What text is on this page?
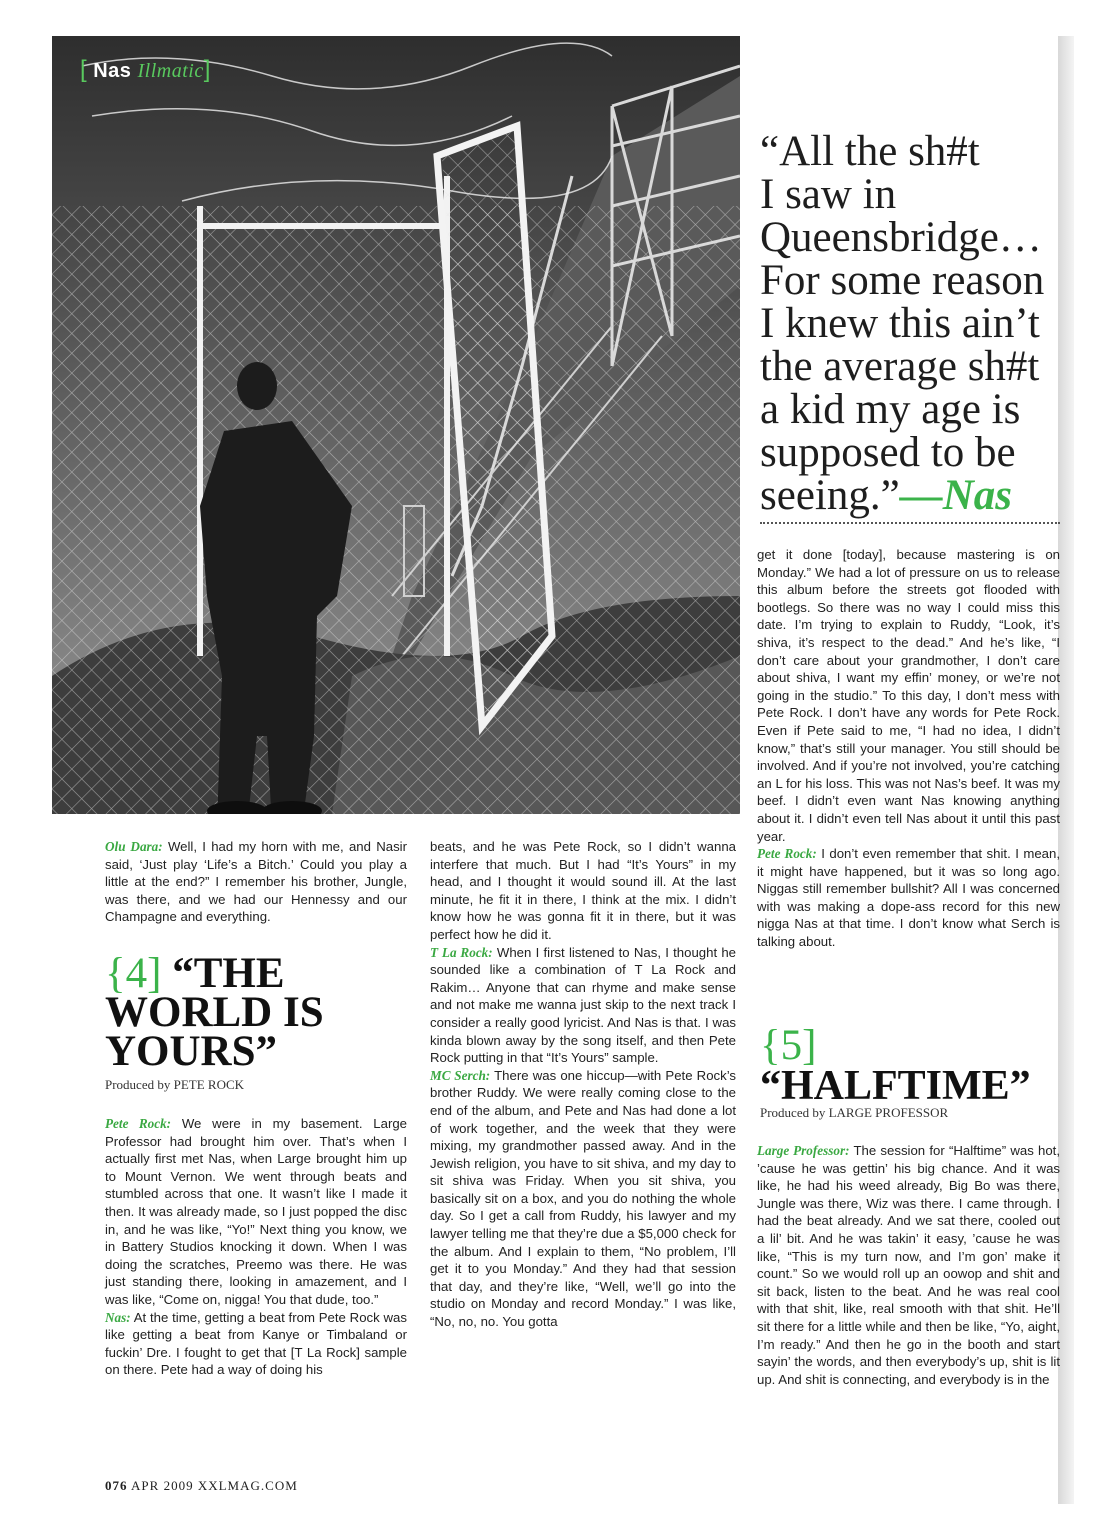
[ Nas Illmatic]
“All the sh#t
I saw in
Queensbridge…
For some reason
I knew this ain’t
the average sh#t
a kid my age is
supposed to be
seeing.”—Nas

Olu Dara: Well, I had my horn with me, and Nasir said, ‘Just play ‘Life’s a Bitch.’ Could you play a little at the end?” I remember his brother, Jungle, was there, and we had our Hennessy and our Champagne and everything.

{4] “THE WORLD IS YOURS”
Produced by PETE ROCK

Pete Rock: We were in my basement. Large Professor had brought him over. That’s when I actually first met Nas, when Large brought him up to Mount Vernon. We went through beats and stumbled across that one. It wasn’t like I made it then. It was already made, so I just popped the disc in, and he was like, “Yo!” Next thing you know, we in Battery Studios knocking it down. When I was doing the scratches, Preemo was there. He was just standing there, looking in amazement, and I was like, “Come on, nigga! You that dude, too.”

Nas: At the time, getting a beat from Pete Rock was like getting a beat from Kanye or Timbaland or fuckin’ Dre. I fought to get that [T La Rock] sample on there. Pete had a way of doing his

beats, and he was Pete Rock, so I didn’t wanna interfere that much. But I had “It’s Yours” in my head, and I thought it would sound ill. At the last minute, he fit it in there, I think at the mix. I didn’t know how he was gonna fit it in there, but it was perfect how he did it.

T La Rock: When I first listened to Nas, I thought he sounded like a combination of T La Rock and Rakim… Anyone that can rhyme and make sense and not make me wanna just skip to the next track I consider a really good lyricist. And Nas is that. I was kinda blown away by the song itself, and then Pete Rock putting in that “It’s Yours” sample.

MC Serch: There was one hiccup—with Pete Rock’s brother Ruddy. We were really coming close to the end of the album, and Pete and Nas had done a lot of work together, and the week that they were mixing, my grandmother passed away. And in the Jewish religion, you have to sit shiva, and my day to sit shiva was Friday. When you sit shiva, you basically sit on a box, and you do nothing the whole day. So I get a call from Ruddy, his lawyer and my lawyer telling me that they’re due a $5,000 check for the album. And I explain to them, “No problem, I’ll get it to you Monday.” And they had that session that day, and they’re like, “Well, we’ll go into the studio on Monday and record Monday.” I was like, “No, no, no. You gotta

get it done [today], because mastering is on Monday.” We had a lot of pressure on us to release this album before the streets got flooded with bootlegs. So there was no way I could miss this date. I’m trying to explain to Ruddy, “Look, it’s shiva, it’s respect to the dead.” And he’s like, “I don’t care about your grandmother, I don’t care about shiva, I want my effin’ money, or we’re not going in the studio.” To this day, I don’t mess with Pete Rock. I don’t have any words for Pete Rock. Even if Pete said to me, “I had no idea, I didn’t know,” that’s still your manager. You still should be involved. And if you’re not involved, you’re catching an L for his loss. This was not Nas’s beef. It was my beef. I didn’t even want Nas knowing anything about it. I didn’t even tell Nas about it until this past year.

Pete Rock: I don’t even remember that shit. I mean, it might have happened, but it was so long ago. Niggas still remember bullshit? All I was concerned with was making a dope-ass record for this new nigga Nas at that time. I don’t know what Serch is talking about.

{5]
“HALFTIME”
Produced by LARGE PROFESSOR

Large Professor: The session for “Halftime” was hot, ’cause he was gettin’ his big chance. And it was like, he had his weed already, Big Bo was there, Jungle was there, Wiz was there. I came through. I had the beat already. And we sat there, cooled out a lil’ bit. And he was takin’ it easy, ’cause he was like, “This is my turn now, and I’m gon’ make it count.” So we would roll up an oowop and shit and sit back, listen to the beat. And he was real cool with that shit, like, real smooth with that shit. He’ll sit there for a little while and then be like, “Yo, aight, I’m ready.” And then he go in the booth and start sayin’ the words, and then everybody’s up, shit is lit up. And shit is connecting, and everybody is in the

076 APR 2009 XXLMAG.COM
